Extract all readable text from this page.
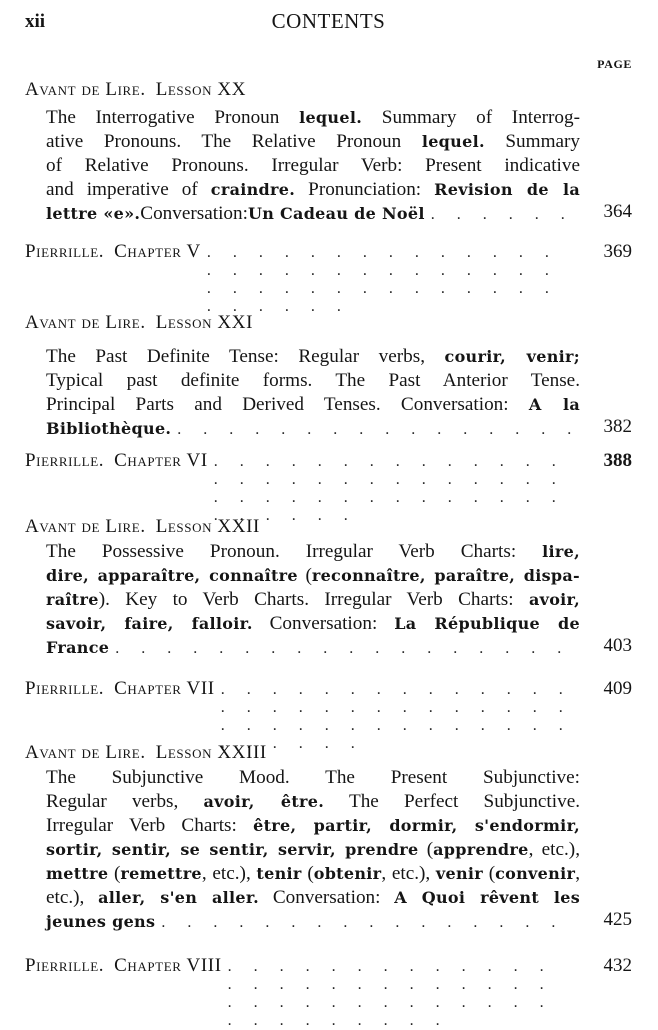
xii	CONTENTS
PAGE
Avant de Lire. Lesson XX
The Interrogative Pronoun lequel. Summary of Interrog-
ative Pronouns. The Relative Pronoun lequel. Summary
of Relative Pronouns. Irregular Verb: Present indicative
and imperative of craindre. Pronunciation: Revision de la
lettre «e». Conversation: Un Cadeau de Noël . . .	364
Pierrille. Chapter V . . .	369
Avant de Lire. Lesson XXI
The Past Definite Tense: Regular verbs, courir, venir;
Typical past definite forms. The Past Anterior Tense.
Principal Parts and Derived Tenses. Conversation: A la
Bibliothèque. . . .	382
Pierrille. Chapter VI . . .	388
Avant de Lire. Lesson XXII
The Possessive Pronoun. Irregular Verb Charts: lire,
dire, apparaître, connaître (reconnaître, paraître, dispa-
raître). Key to Verb Charts. Irregular Verb Charts: avoir,
savoir, faire, falloir. Conversation: La République de
France . . .	403
Pierrille. Chapter VII . . .	409
Avant de Lire. Lesson XXIII
The Subjunctive Mood. The Present Subjunctive:
Regular verbs, avoir, être. The Perfect Subjunctive.
Irregular Verb Charts: être, partir, dormir, s'endormir,
sortir, sentir, se sentir, servir, prendre (apprendre, etc.),
mettre (remettre, etc.), tenir (obtenir, etc.), venir (convenir,
etc.), aller, s'en aller. Conversation: A Quoi rêvent les
jeunes gens . . .	425
Pierrille. Chapter VIII . . .	432
